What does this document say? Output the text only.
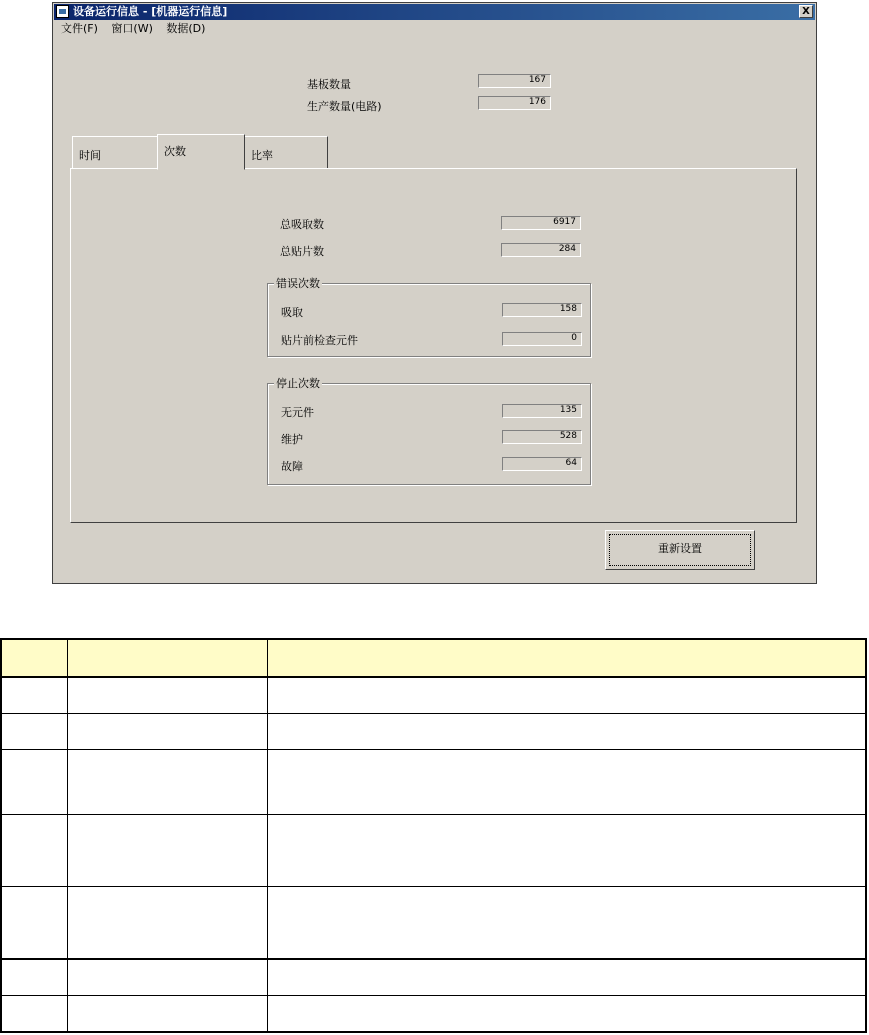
设备运行信息 - [机器运行信息]	X
文件(F) 窗口(W) 数据(D)
基板数量	167
生产数量(电路)	176
时间	次数	比率
总吸取数	6917
总贴片数	284
错误次数
吸取	158
贴片前检查元件	0
停止次数
无元件	135
维护	528
故障	64
重新设置
